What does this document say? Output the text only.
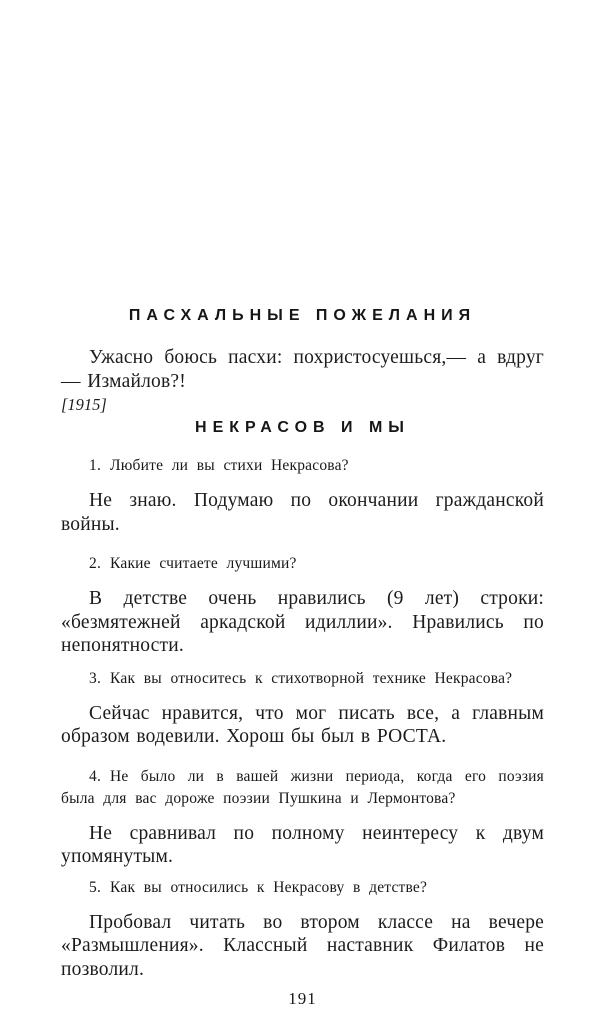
ПАСХАЛЬНЫЕ ПОЖЕЛАНИЯ

Ужасно боюсь пасхи: похристосуешься,— а вдруг — Измайлов?!

[1915]

НЕКРАСОВ И МЫ

1. Любите ли вы стихи Некрасова?

Не знаю. Подумаю по окончании гражданской войны.

2. Какие считаете лучшими?

В детстве очень нравились (9 лет) строки: «безмятежней аркадской идиллии». Нравились по непонятности.

3. Как вы относитесь к стихотворной технике Некрасова?

Сейчас нравится, что мог писать все, а главным образом водевили. Хорош бы был в РОСТА.

4. Не было ли в вашей жизни периода, когда его поэзия была для вас дороже поэзии Пушкина и Лермонтова?

Не сравнивал по полному неинтересу к двум упомянутым.

5. Как вы относились к Некрасову в детстве?

Пробовал читать во втором классе на вечере «Размышления». Классный наставник Филатов не позволил.

191
